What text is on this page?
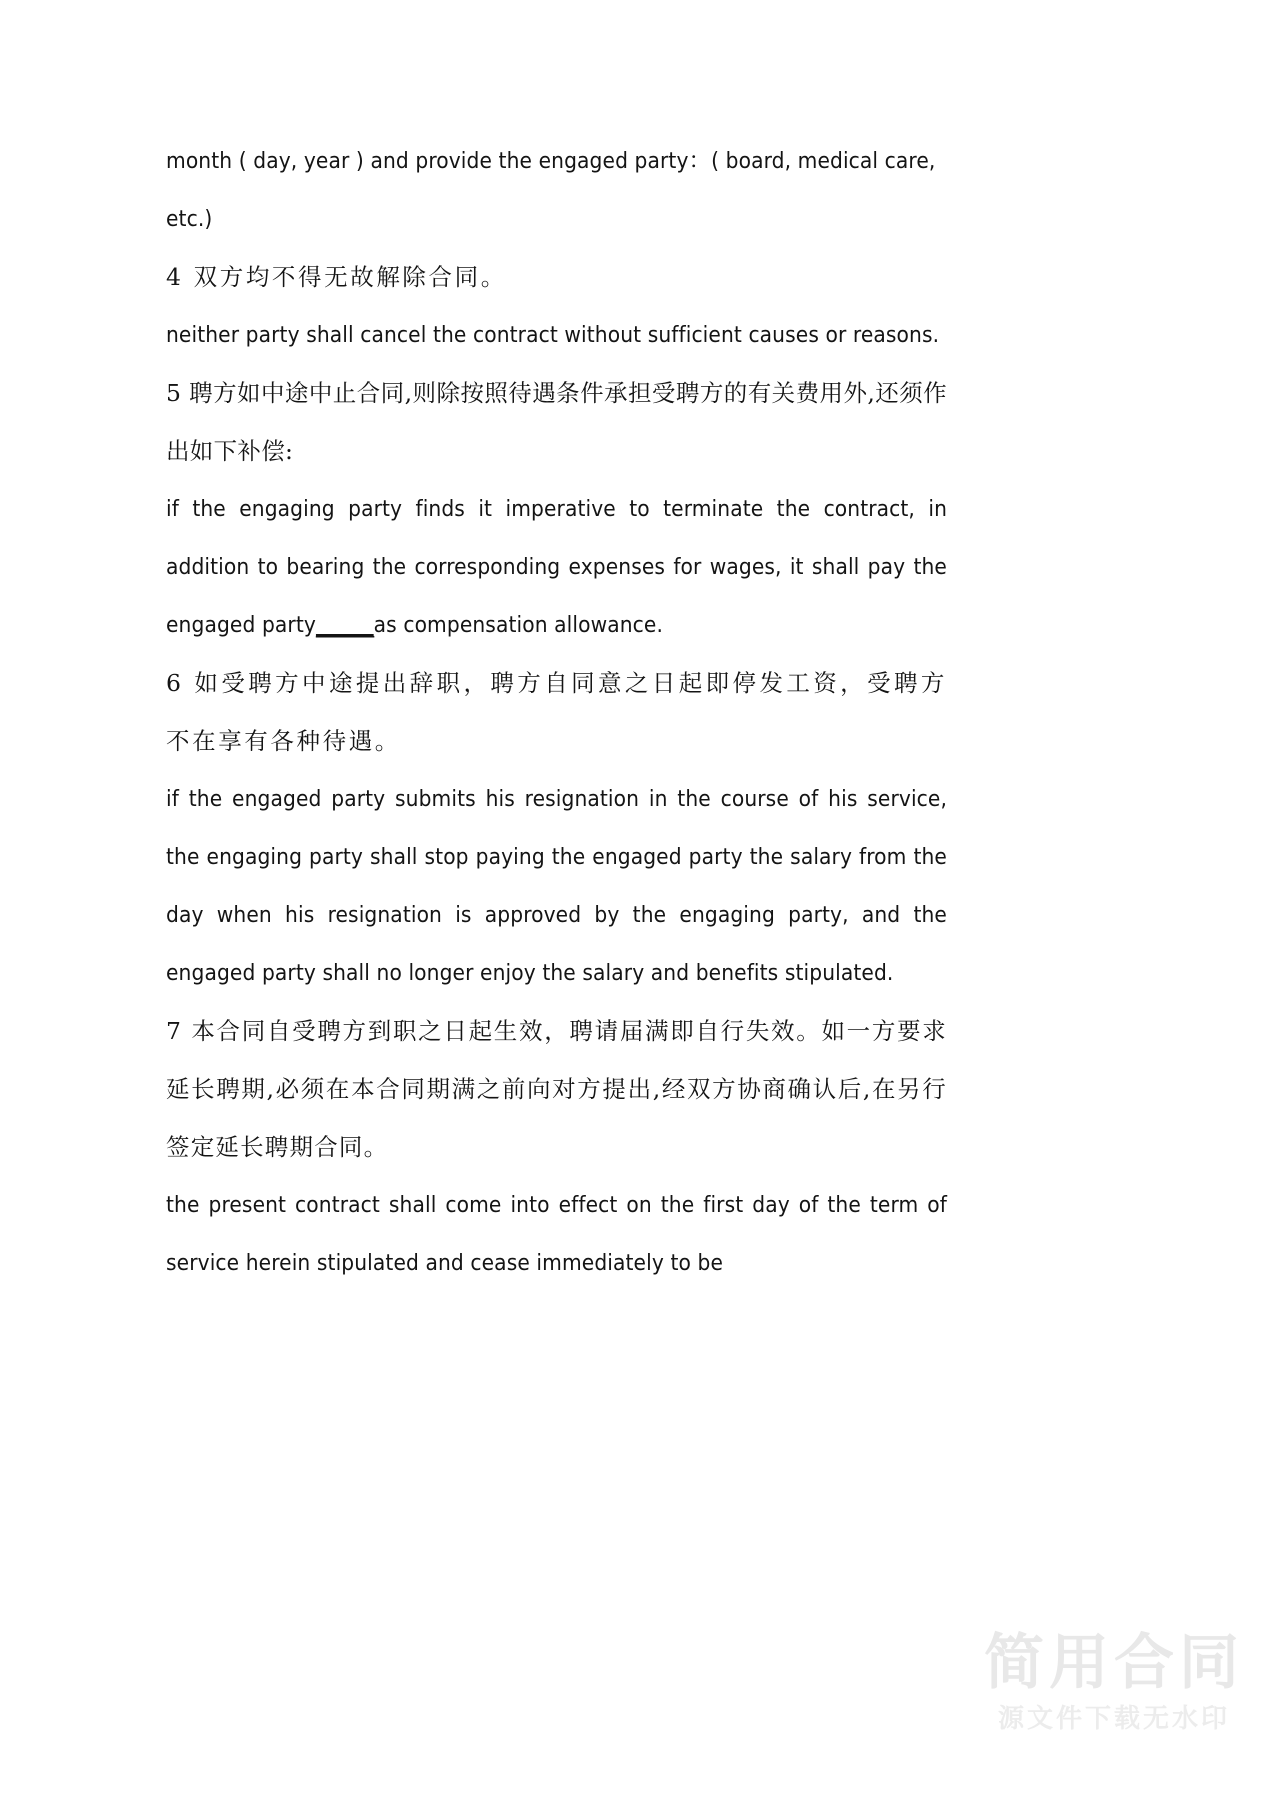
month ( day, year ) and provide the engaged party：( board, medical care, etc.)

4 双方均不得无故解除合同。

neither party shall cancel the contract without sufficient causes or reasons.

5 聘方如中途中止合同,则除按照待遇条件承担受聘方的有关费用外,还须作出如下补偿:

if the engaging party finds it imperative to terminate the contract, in addition to bearing the corresponding expenses for wages, it shall pay the engaged party______as compensation allowance.

6 如受聘方中途提出辞职，聘方自同意之日起即停发工资，受聘方不在享有各种待遇。

if the engaged party submits his resignation in the course of his service, the engaging party shall stop paying the engaged party the salary from the day when his resignation is approved by the engaging party, and the engaged party shall no longer enjoy the salary and benefits stipulated.

7 本合同自受聘方到职之日起生效，聘请届满即自行失效。如一方要求延长聘期,必须在本合同期满之前向对方提出,经双方协商确认后,在另行签定延长聘期合同。

the present contract shall come into effect on the first day of the term of service herein stipulated and cease immediately to be

简用合同
源文件下载无水印
